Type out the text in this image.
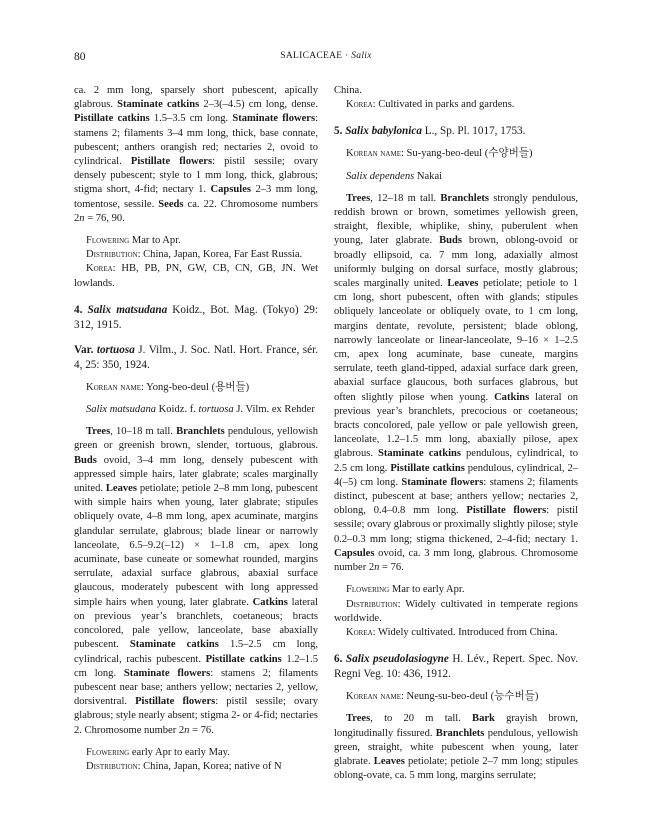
80	SALICACEAE · Salix

ca. 2 mm long, sparsely short pubescent, apically glabrous. Staminate catkins 2–3(–4.5) cm long, dense. Pistillate catkins 1.5–3.5 cm long. Staminate flowers: stamens 2; filaments 3–4 mm long, thick, base connate, pubescent; anthers orangish red; nectaries 2, ovoid to cylindrical. Pistillate flowers: pistil sessile; ovary densely pubescent; style to 1 mm long, thick, glabrous; stigma short, 4-fid; nectary 1. Capsules 2–3 mm long, tomentose, sessile. Seeds ca. 22. Chromosome numbers 2n = 76, 90.

Flowering Mar to Apr.

Distribution: China, Japan, Korea, Far East Russia.

Korea: HB, PB, PN, GW, CB, CN, GB, JN. Wet lowlands.

4. Salix matsudana Koidz., Bot. Mag. (Tokyo) 29: 312, 1915.

Var. tortuosa J. Vilm., J. Soc. Natl. Hort. France, sér. 4, 25: 350, 1924.

Korean name: Yong-beo-deul (용버들)

Salix matsudana Koidz. f. tortuosa J. Vilm. ex Rehder

Trees, 10–18 m tall. Branchlets pendulous, yellowish green or greenish brown, slender, tortuous, glabrous. Buds ovoid, 3–4 mm long, densely pubescent with appressed simple hairs, later glabrate; scales marginally united. Leaves petiolate; petiole 2–8 mm long, pubescent with simple hairs when young, later glabrate; stipules obliquely ovate, 4–8 mm long, apex acuminate, margins glandular serrulate, glabrous; blade linear or narrowly lanceolate, 6.5–9.2(–12) × 1–1.8 cm, apex long acuminate, base cuneate or somewhat rounded, margins serrulate, adaxial surface glabrous, abaxial surface glaucous, moderately pubescent with long appressed simple hairs when young, later glabrate. Catkins lateral on previous year’s branchlets, coetaneous; bracts concolored, pale yellow, lanceolate, base abaxially pubescent. Staminate catkins 1.5–2.5 cm long, cylindrical, rachis pubescent. Pistillate catkins 1.2–1.5 cm long. Staminate flowers: stamens 2; filaments pubescent near base; anthers yellow; nectaries 2, yellow, dorsiventral. Pistillate flowers: pistil sessile; ovary glabrous; style nearly absent; stigma 2- or 4-fid; nectaries 2. Chromosome number 2n = 76.

Flowering early Apr to early May.

Distribution: China, Japan, Korea; native of N

China.

Korea: Cultivated in parks and gardens.

5. Salix babylonica L., Sp. Pl. 1017, 1753.

Korean name: Su-yang-beo-deul (수양버들)

Salix dependens Nakai

Trees, 12–18 m tall. Branchlets strongly pendulous, reddish brown or brown, sometimes yellowish green, straight, flexible, whiplike, shiny, puberulent when young, later glabrate. Buds brown, oblong-ovoid or broadly ellipsoid, ca. 7 mm long, adaxially almost uniformly bulging on dorsal surface, mostly glabrous; scales marginally united. Leaves petiolate; petiole to 1 cm long, short pubescent, often with glands; stipules obliquely lanceolate or obliquely ovate, to 1 cm long, margins dentate, revolute, persistent; blade oblong, narrowly lanceolate or linear-lanceolate, 9–16 × 1–2.5 cm, apex long acuminate, base cuneate, margins serrulate, teeth gland-tipped, adaxial surface dark green, abaxial surface glaucous, both surfaces glabrous, but often slightly pilose when young. Catkins lateral on previous year’s branchlets, precocious or coetaneous; bracts concolored, pale yellow or pale yellowish green, lanceolate, 1.2–1.5 mm long, abaxially pilose, apex glabrous. Staminate catkins pendulous, cylindrical, to 2.5 cm long. Pistillate catkins pendulous, cylindrical, 2–4(–5) cm long. Staminate flowers: stamens 2; filaments distinct, pubescent at base; anthers yellow; nectaries 2, oblong, 0.4–0.8 mm long. Pistillate flowers: pistil sessile; ovary glabrous or proximally slightly pilose; style 0.2–0.3 mm long; stigma thickened, 2–4-fid; nectary 1. Capsules ovoid, ca. 3 mm long, glabrous. Chromosome number 2n = 76.

Flowering Mar to early Apr.

Distribution: Widely cultivated in temperate regions worldwide.

Korea: Widely cultivated. Introduced from China.

6. Salix pseudolasiogyne H. Lév., Repert. Spec. Nov. Regni Veg. 10: 436, 1912.

Korean name: Neung-su-beo-deul (능수버들)

Trees, to 20 m tall. Bark grayish brown, longitudinally fissured. Branchlets pendulous, yellowish green, straight, white pubescent when young, later glabrate. Leaves petiolate; petiole 2–7 mm long; stipules oblong-ovate, ca. 5 mm long, margins serrulate;
